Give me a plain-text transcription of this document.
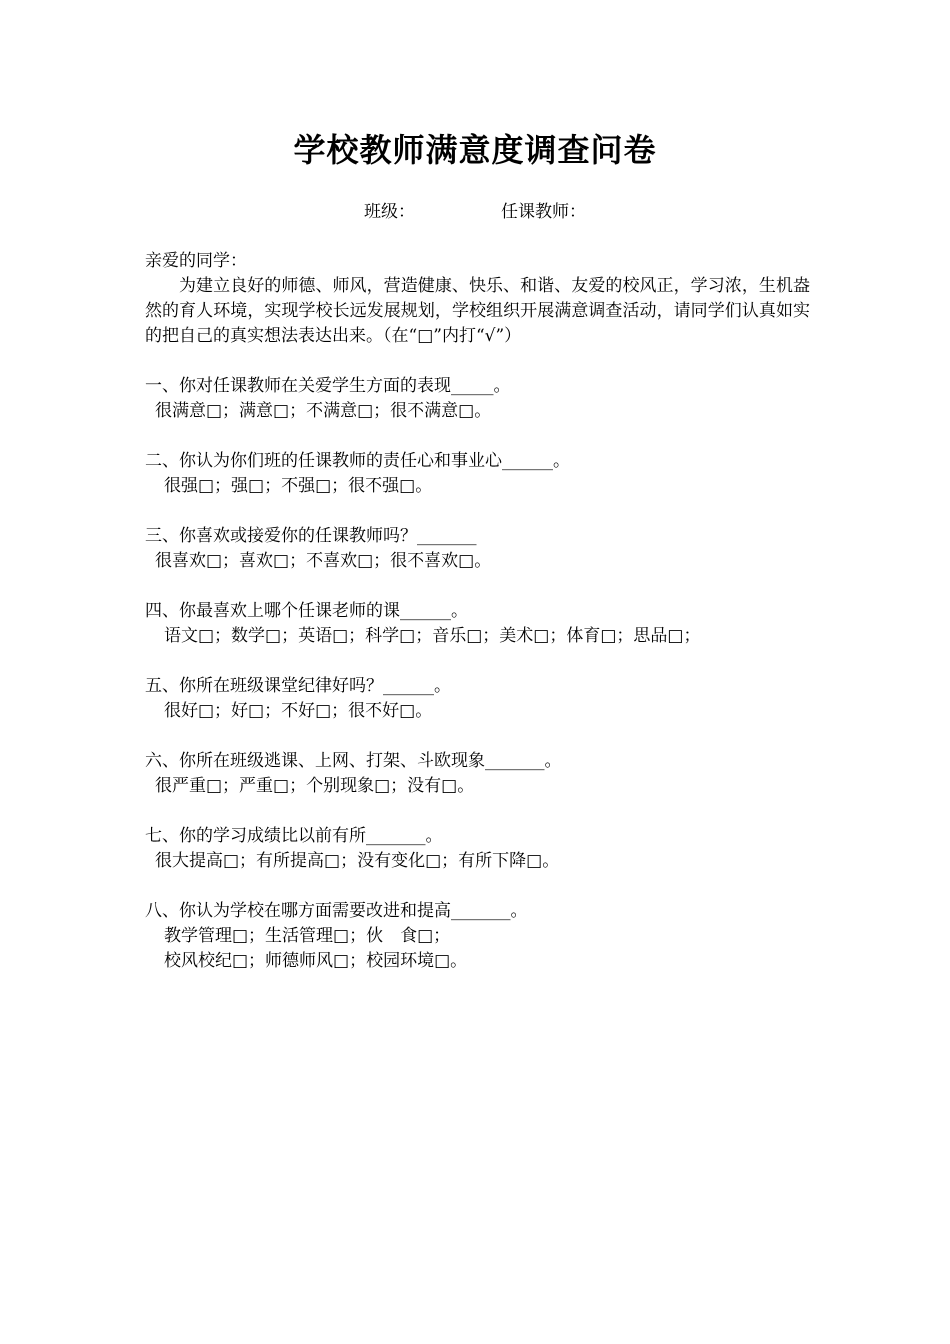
学校教师满意度调查问卷
班级：	任课教师：

亲爱的同学：

为建立良好的师德、师风，营造健康、快乐、和谐、友爱的校风正，学习浓，生机盎然的育人环境，实现学校长远发展规划，学校组织开展满意调查活动，请同学们认真如实的把自己的真实想法表达出来。（在“□”内打“√”）

一、你对任课教师在关爱学生方面的表现_____。

很满意□；满意□；不满意□；很不满意□。

二、你认为你们班的任课教师的责任心和事业心______。

很强□；强□；不强□；很不强□。

三、你喜欢或接爱你的任课教师吗？_______

很喜欢□；喜欢□；不喜欢□；很不喜欢□。

四、你最喜欢上哪个任课老师的课______。

语文□；数学□；英语□；科学□；音乐□；美术□；体育□；思品□；

五、你所在班级课堂纪律好吗？______。

很好□；好□；不好□；很不好□。

六、你所在班级逃课、上网、打架、斗欧现象_______。

很严重□；严重□；个别现象□；没有□。

七、你的学习成绩比以前有所_______。

很大提高□；有所提高□；没有变化□；有所下降□。

八、你认为学校在哪方面需要改进和提高_______。

教学管理□；生活管理□；伙　食□；

校风校纪□；师德师风□；校园环境□。
